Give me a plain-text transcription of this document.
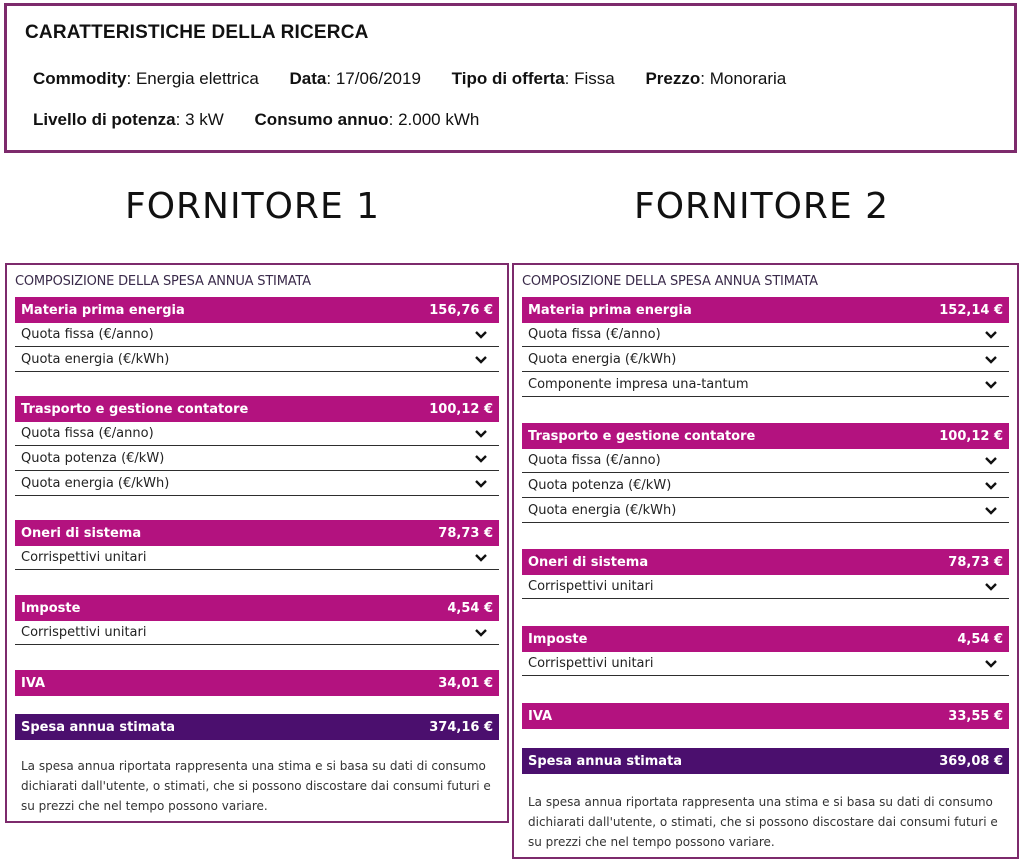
CARATTERISTICHE DELLA RICERCA
Commodity: Energia elettrica Data: 17/06/2019 Tipo di offerta: Fissa Prezzo: Monoraria
Livello di potenza: 3 kW Consumo annuo: 2.000 kWh
FORNITORE 1	FORNITORE 2
COMPOSIZIONE DELLA SPESA ANNUA STIMATA
Materia prima energia	156,76 €
Quota fissa (€/anno)
Quota energia (€/kWh)
Trasporto e gestione contatore	100,12 €
Quota fissa (€/anno)
Quota potenza (€/kW)
Quota energia (€/kWh)
Oneri di sistema	78,73 €
Corrispettivi unitari
Imposte	4,54 €
Corrispettivi unitari
IVA	34,01 €
Spesa annua stimata	374,16 €
La spesa annua riportata rappresenta una stima e si basa su dati di consumo dichiarati dall'utente, o stimati, che si possono discostare dai consumi futuri e su prezzi che nel tempo possono variare.
COMPOSIZIONE DELLA SPESA ANNUA STIMATA
Materia prima energia	152,14 €
Quota fissa (€/anno)
Quota energia (€/kWh)
Componente impresa una-tantum
Trasporto e gestione contatore	100,12 €
Quota fissa (€/anno)
Quota potenza (€/kW)
Quota energia (€/kWh)
Oneri di sistema	78,73 €
Corrispettivi unitari
Imposte	4,54 €
Corrispettivi unitari
IVA	33,55 €
Spesa annua stimata	369,08 €
La spesa annua riportata rappresenta una stima e si basa su dati di consumo dichiarati dall'utente, o stimati, che si possono discostare dai consumi futuri e su prezzi che nel tempo possono variare.
